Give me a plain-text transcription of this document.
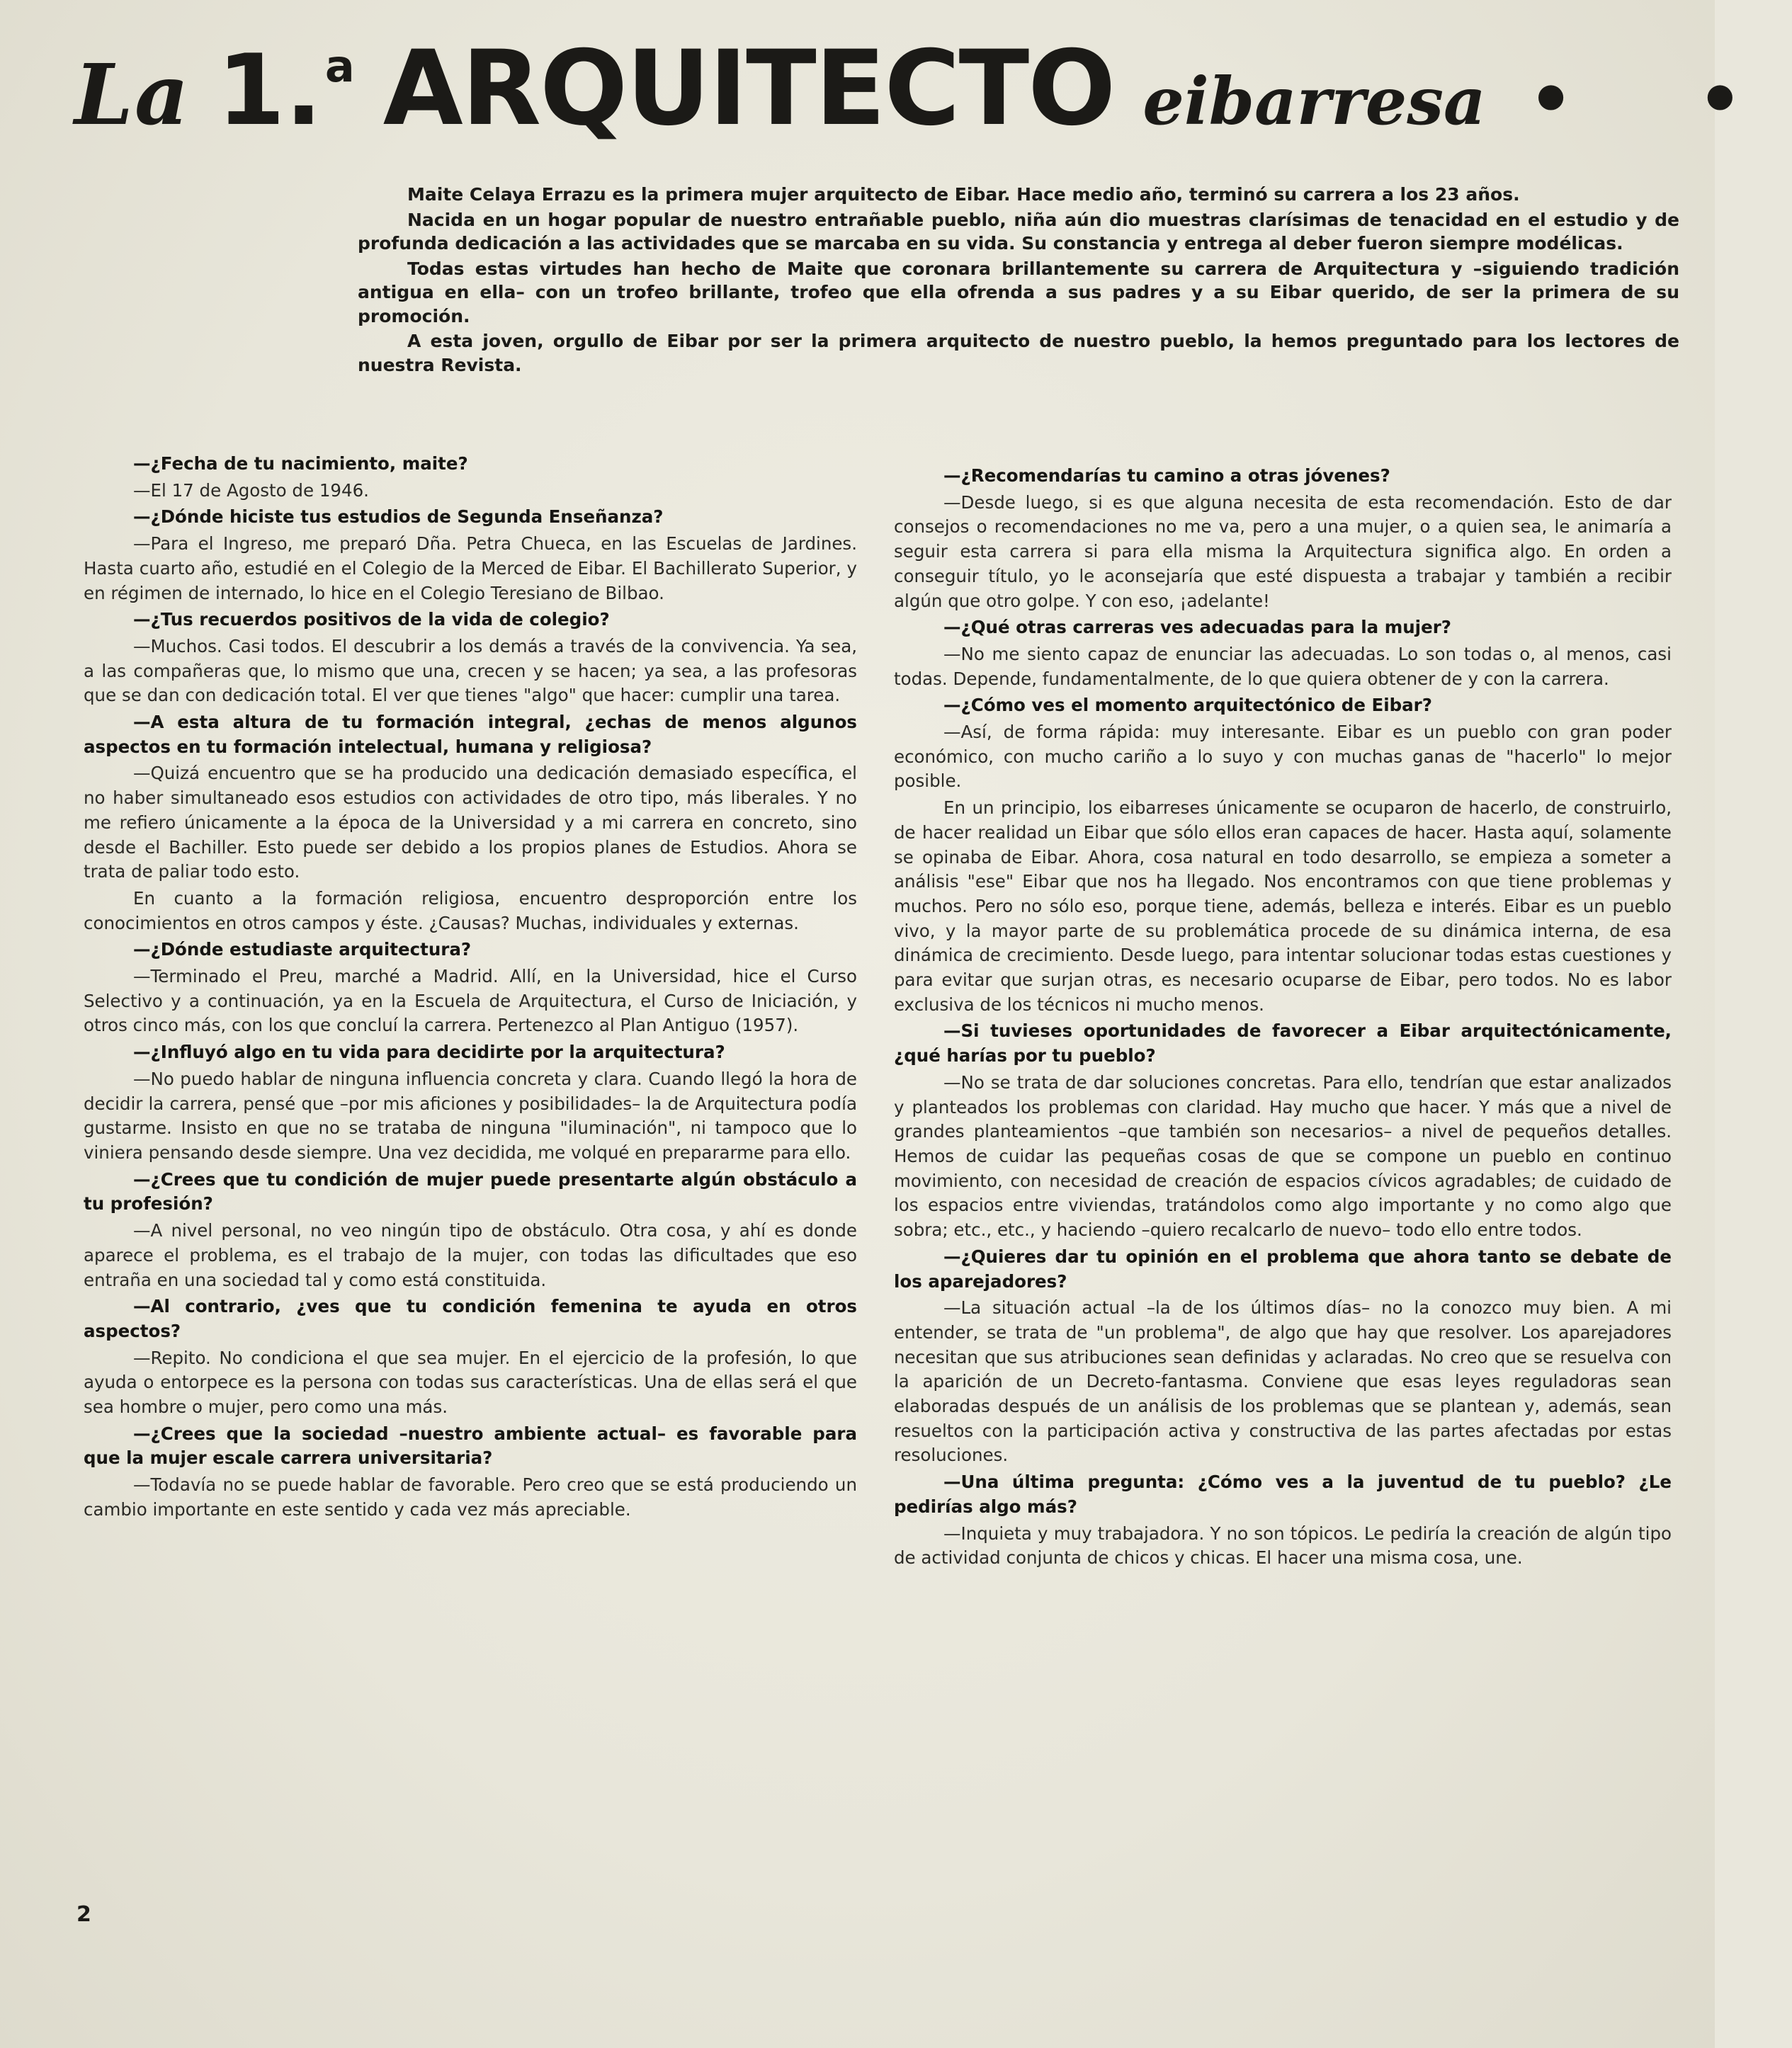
La 1.a ARQUITECTO eibarresa • •

Maite Celaya Errazu es la primera mujer arquitecto de Eibar. Hace medio año, terminó su carrera a los 23 años.

Nacida en un hogar popular de nuestro entrañable pueblo, niña aún dio muestras clarísimas de tenacidad en el estudio y de profunda dedicación a las actividades que se marcaba en su vida. Su constancia y entrega al deber fueron siempre modélicas.

Todas estas virtudes han hecho de Maite que coronara brillantemente su carrera de Arquitectura y –siguiendo tradición antigua en ella– con un trofeo brillante, trofeo que ella ofrenda a sus padres y a su Eibar querido, de ser la primera de su promoción.

A esta joven, orgullo de Eibar por ser la primera arquitecto de nuestro pueblo, la hemos preguntado para los lectores de nuestra Revista.

—¿Fecha de tu nacimiento, maite?

—El 17 de Agosto de 1946.

—¿Dónde hiciste tus estudios de Segunda Enseñanza?

—Para el Ingreso, me preparó Dña. Petra Chueca, en las Escuelas de Jardines. Hasta cuarto año, estudié en el Colegio de la Merced de Eibar. El Bachillerato Superior, y en régimen de internado, lo hice en el Colegio Teresiano de Bilbao.

—¿Tus recuerdos positivos de la vida de colegio?

—Muchos. Casi todos. El descubrir a los demás a través de la convivencia. Ya sea, a las compañeras que, lo mismo que una, crecen y se hacen; ya sea, a las profesoras que se dan con dedicación total. El ver que tienes "algo" que hacer: cumplir una tarea.

—A esta altura de tu formación integral, ¿echas de menos algunos aspectos en tu formación intelectual, humana y religiosa?

—Quizá encuentro que se ha producido una dedicación demasiado específica, el no haber simultaneado esos estudios con actividades de otro tipo, más liberales. Y no me refiero únicamente a la época de la Universidad y a mi carrera en concreto, sino desde el Bachiller. Esto puede ser debido a los propios planes de Estudios. Ahora se trata de paliar todo esto.

En cuanto a la formación religiosa, encuentro desproporción entre los conocimientos en otros campos y éste. ¿Causas? Muchas, individuales y externas.

—¿Dónde estudiaste arquitectura?

—Terminado el Preu, marché a Madrid. Allí, en la Universidad, hice el Curso Selectivo y a continuación, ya en la Escuela de Arquitectura, el Curso de Iniciación, y otros cinco más, con los que concluí la carrera. Pertenezco al Plan Antiguo (1957).

—¿Influyó algo en tu vida para decidirte por la arquitectura?

—No puedo hablar de ninguna influencia concreta y clara. Cuando llegó la hora de decidir la carrera, pensé que –por mis aficiones y posibilidades– la de Arquitectura podía gustarme. Insisto en que no se trataba de ninguna "iluminación", ni tampoco que lo viniera pensando desde siempre. Una vez decidida, me volqué en prepararme para ello.

—¿Crees que tu condición de mujer puede presentarte algún obstáculo a tu profesión?

—A nivel personal, no veo ningún tipo de obstáculo. Otra cosa, y ahí es donde aparece el problema, es el trabajo de la mujer, con todas las dificultades que eso entraña en una sociedad tal y como está constituida.

—Al contrario, ¿ves que tu condición femenina te ayuda en otros aspectos?

—Repito. No condiciona el que sea mujer. En el ejercicio de la profesión, lo que ayuda o entorpece es la persona con todas sus características. Una de ellas será el que sea hombre o mujer, pero como una más.

—¿Crees que la sociedad –nuestro ambiente actual– es favorable para que la mujer escale carrera universitaria?

—Todavía no se puede hablar de favorable. Pero creo que se está produciendo un cambio importante en este sentido y cada vez más apreciable.

—¿Recomendarías tu camino a otras jóvenes?

—Desde luego, si es que alguna necesita de esta recomendación. Esto de dar consejos o recomendaciones no me va, pero a una mujer, o a quien sea, le animaría a seguir esta carrera si para ella misma la Arquitectura significa algo. En orden a conseguir título, yo le aconsejaría que esté dispuesta a trabajar y también a recibir algún que otro golpe. Y con eso, ¡adelante!

—¿Qué otras carreras ves adecuadas para la mujer?

—No me siento capaz de enunciar las adecuadas. Lo son todas o, al menos, casi todas. Depende, fundamentalmente, de lo que quiera obtener de y con la carrera.

—¿Cómo ves el momento arquitectónico de Eibar?

—Así, de forma rápida: muy interesante. Eibar es un pueblo con gran poder económico, con mucho cariño a lo suyo y con muchas ganas de "hacerlo" lo mejor posible.

En un principio, los eibarreses únicamente se ocuparon de hacerlo, de construirlo, de hacer realidad un Eibar que sólo ellos eran capaces de hacer. Hasta aquí, solamente se opinaba de Eibar. Ahora, cosa natural en todo desarrollo, se empieza a someter a análisis "ese" Eibar que nos ha llegado. Nos encontramos con que tiene problemas y muchos. Pero no sólo eso, porque tiene, además, belleza e interés. Eibar es un pueblo vivo, y la mayor parte de su problemática procede de su dinámica interna, de esa dinámica de crecimiento. Desde luego, para intentar solucionar todas estas cuestiones y para evitar que surjan otras, es necesario ocuparse de Eibar, pero todos. No es labor exclusiva de los técnicos ni mucho menos.

—Si tuvieses oportunidades de favorecer a Eibar arquitectónicamente, ¿qué harías por tu pueblo?

—No se trata de dar soluciones concretas. Para ello, tendrían que estar analizados y planteados los problemas con claridad. Hay mucho que hacer. Y más que a nivel de grandes planteamientos –que también son necesarios– a nivel de pequeños detalles. Hemos de cuidar las pequeñas cosas de que se compone un pueblo en continuo movimiento, con necesidad de creación de espacios cívicos agradables; de cuidado de los espacios entre viviendas, tratándolos como algo importante y no como algo que sobra; etc., etc., y haciendo –quiero recalcarlo de nuevo– todo ello entre todos.

—¿Quieres dar tu opinión en el problema que ahora tanto se debate de los aparejadores?

—La situación actual –la de los últimos días– no la conozco muy bien. A mi entender, se trata de "un problema", de algo que hay que resolver. Los aparejadores necesitan que sus atribuciones sean definidas y aclaradas. No creo que se resuelva con la aparición de un Decreto-fantasma. Conviene que esas leyes reguladoras sean elaboradas después de un análisis de los problemas que se plantean y, además, sean resueltos con la participación activa y constructiva de las partes afectadas por estas resoluciones.

—Una última pregunta: ¿Cómo ves a la juventud de tu pueblo? ¿Le pedirías algo más?

—Inquieta y muy trabajadora. Y no son tópicos. Le pediría la creación de algún tipo de actividad conjunta de chicos y chicas. El hacer una misma cosa, une.

2
